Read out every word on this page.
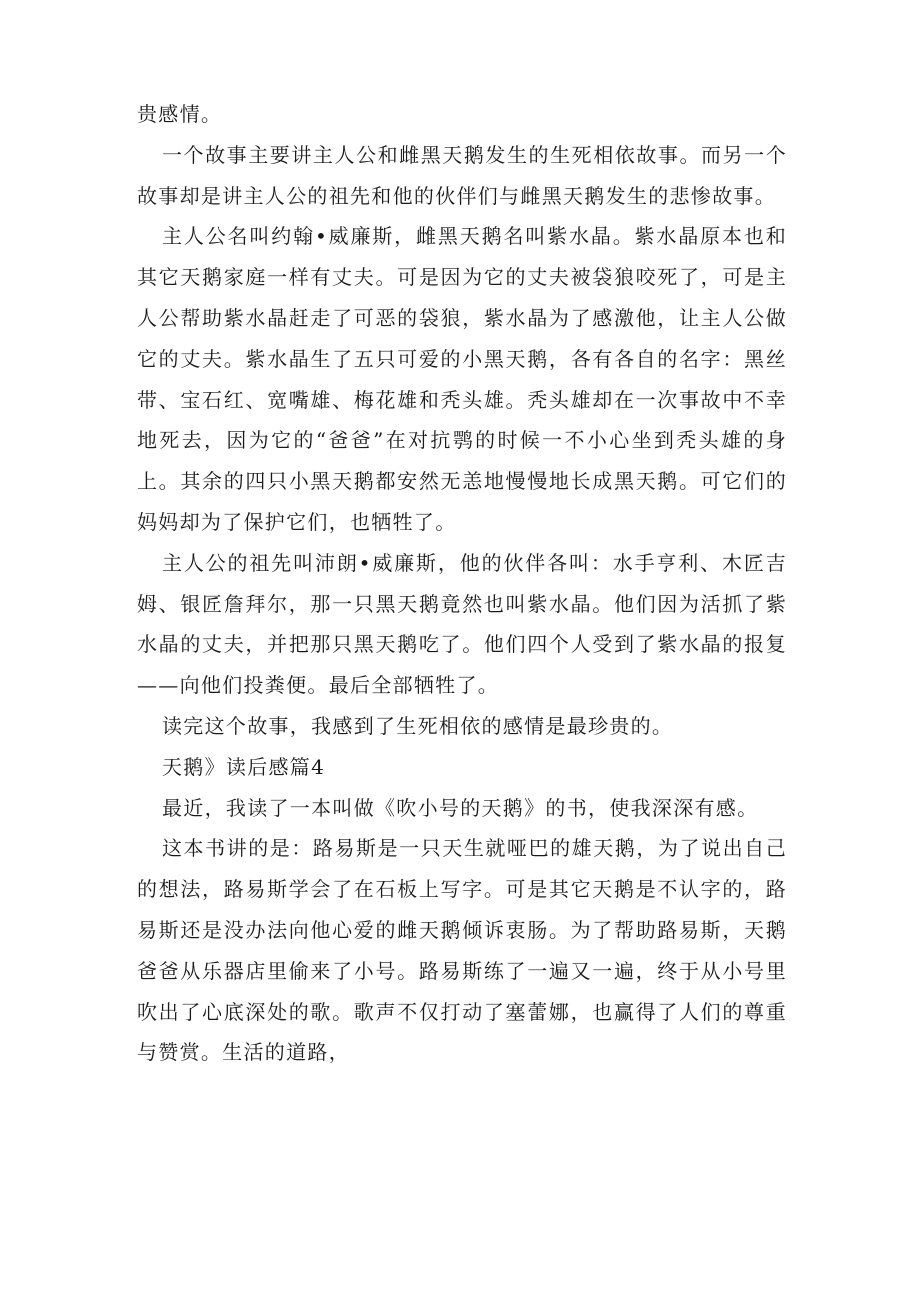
贵感情。

一个故事主要讲主人公和雌黑天鹅发生的生死相依故事。而另一个故事却是讲主人公的祖先和他的伙伴们与雌黑天鹅发生的悲惨故事。

主人公名叫约翰•威廉斯，雌黑天鹅名叫紫水晶。紫水晶原本也和其它天鹅家庭一样有丈夫。可是因为它的丈夫被袋狼咬死了，可是主人公帮助紫水晶赶走了可恶的袋狼，紫水晶为了感激他，让主人公做它的丈夫。紫水晶生了五只可爱的小黑天鹅，各有各自的名字：黑丝带、宝石红、宽嘴雄、梅花雄和秃头雄。秃头雄却在一次事故中不幸地死去，因为它的“爸爸”在对抗鹗的时候一不小心坐到秃头雄的身上。其余的四只小黑天鹅都安然无恙地慢慢地长成黑天鹅。可它们的妈妈却为了保护它们，也牺牲了。

主人公的祖先叫沛朗•威廉斯，他的伙伴各叫：水手亨利、木匠吉姆、银匠詹拜尔，那一只黑天鹅竟然也叫紫水晶。他们因为活抓了紫水晶的丈夫，并把那只黑天鹅吃了。他们四个人受到了紫水晶的报复——向他们投粪便。最后全部牺牲了。

读完这个故事，我感到了生死相依的感情是最珍贵的。

天鹅》读后感篇4

最近，我读了一本叫做《吹小号的天鹅》的书，使我深深有感。

这本书讲的是：路易斯是一只天生就哑巴的雄天鹅，为了说出自己的想法，路易斯学会了在石板上写字。可是其它天鹅是不认字的，路易斯还是没办法向他心爱的雌天鹅倾诉衷肠。为了帮助路易斯，天鹅爸爸从乐器店里偷来了小号。路易斯练了一遍又一遍，终于从小号里吹出了心底深处的歌。歌声不仅打动了塞蕾娜，也赢得了人们的尊重与赞赏。生活的道路，
